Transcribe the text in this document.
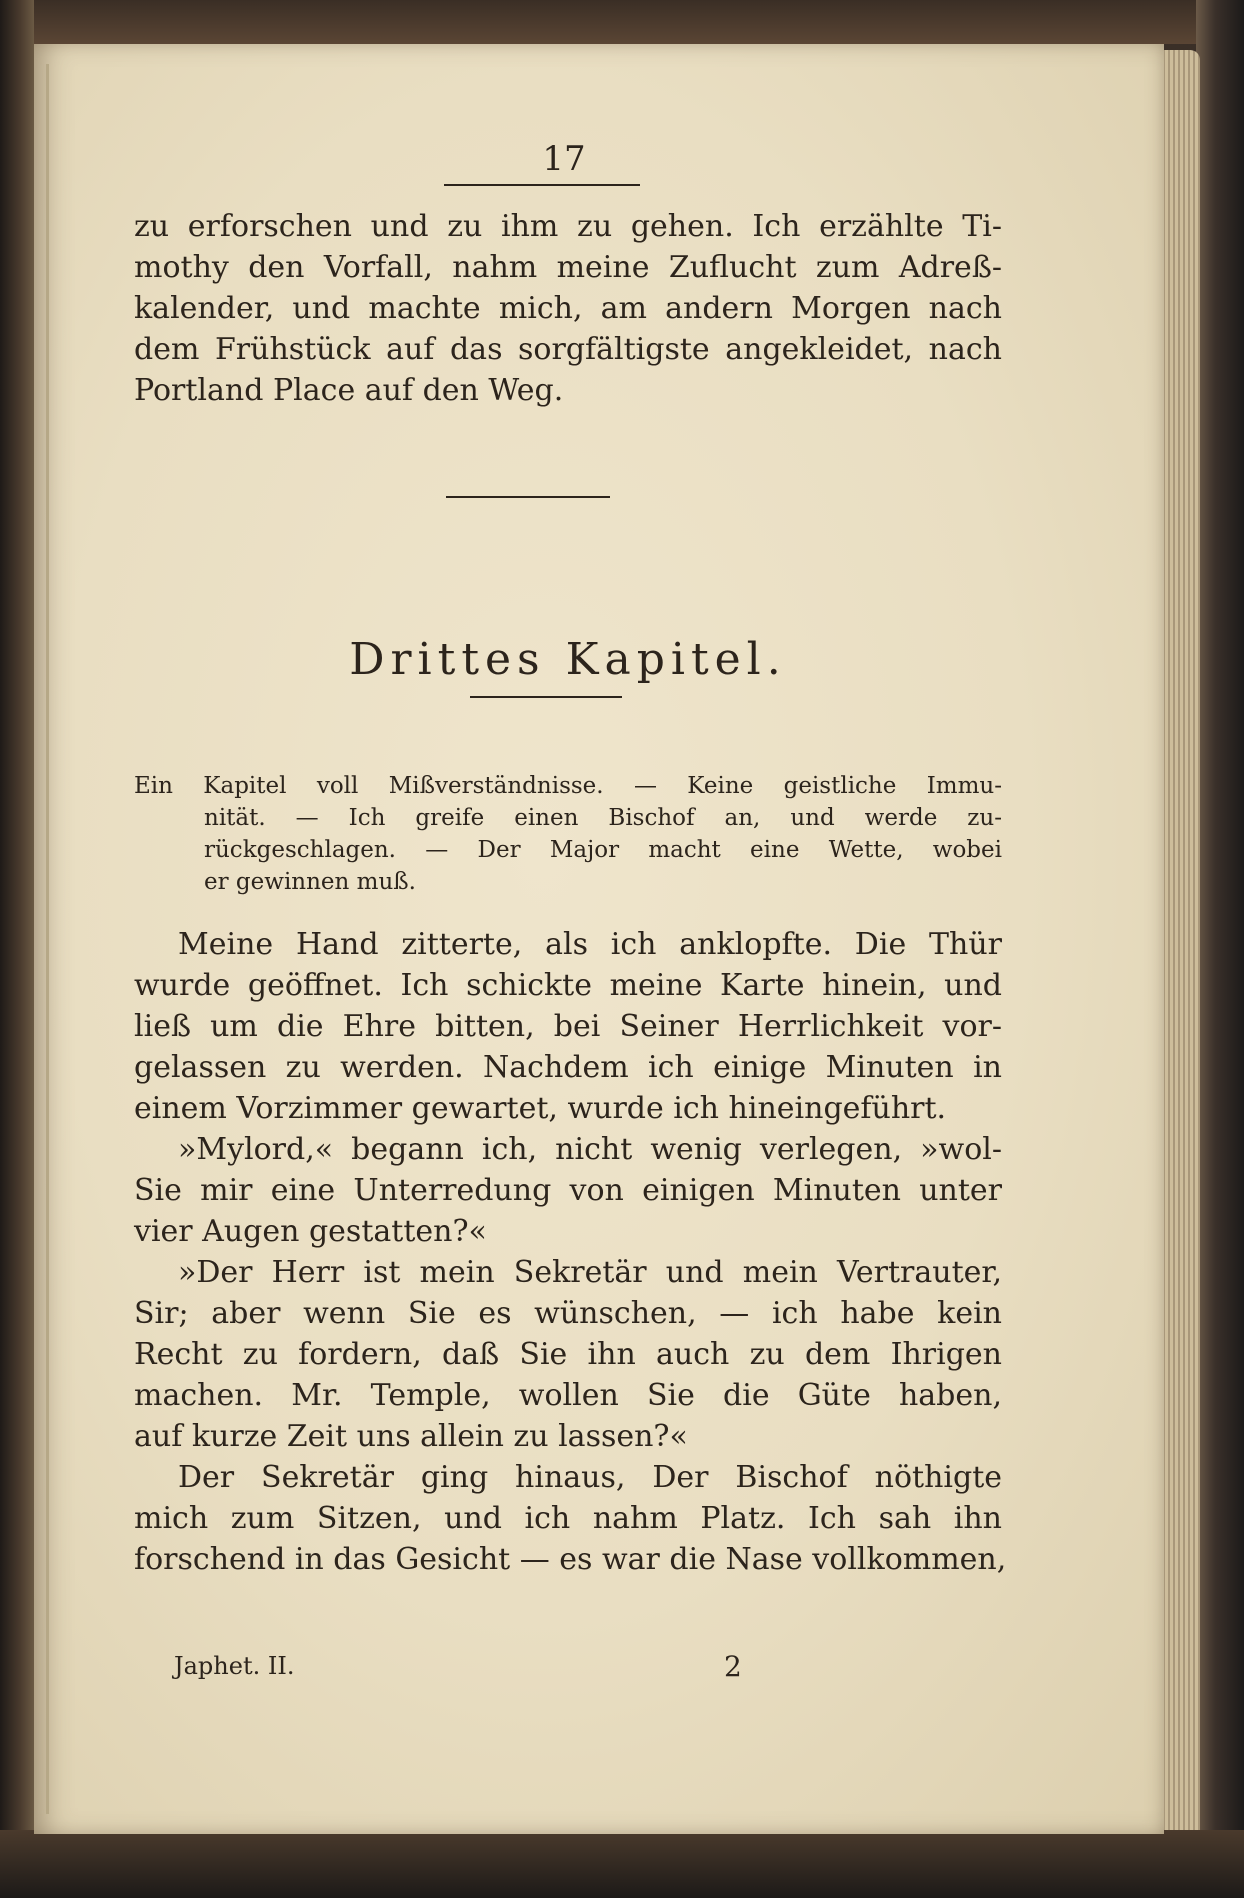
17
zu erforschen und zu ihm zu gehen. Ich erzählte Ti-
mothy den Vorfall, nahm meine Zuflucht zum Adreß-
kalender, und machte mich, am andern Morgen nach
dem Frühstück auf das sorgfältigste angekleidet, nach
Portland Place auf den Weg.
Drittes Kapitel.
Ein Kapitel voll Mißverständnisse. — Keine geistliche Immu-
nität. — Ich greife einen Bischof an, und werde zu-
rückgeschlagen. — Der Major macht eine Wette, wobei
er gewinnen muß.
Meine Hand zitterte, als ich anklopfte. Die Thür
wurde geöffnet. Ich schickte meine Karte hinein, und
ließ um die Ehre bitten, bei Seiner Herrlichkeit vor-
gelassen zu werden. Nachdem ich einige Minuten in
einem Vorzimmer gewartet, wurde ich hineingeführt.
»Mylord,« begann ich, nicht wenig verlegen, »wol-
Sie mir eine Unterredung von einigen Minuten unter
vier Augen gestatten?«
»Der Herr ist mein Sekretär und mein Vertrauter,
Sir; aber wenn Sie es wünschen, — ich habe kein
Recht zu fordern, daß Sie ihn auch zu dem Ihrigen
machen. Mr. Temple, wollen Sie die Güte haben,
auf kurze Zeit uns allein zu lassen?«
Der Sekretär ging hinaus, Der Bischof nöthigte
mich zum Sitzen, und ich nahm Platz. Ich sah ihn
forschend in das Gesicht — es war die Nase vollkommen,
Japhet. II.	2
